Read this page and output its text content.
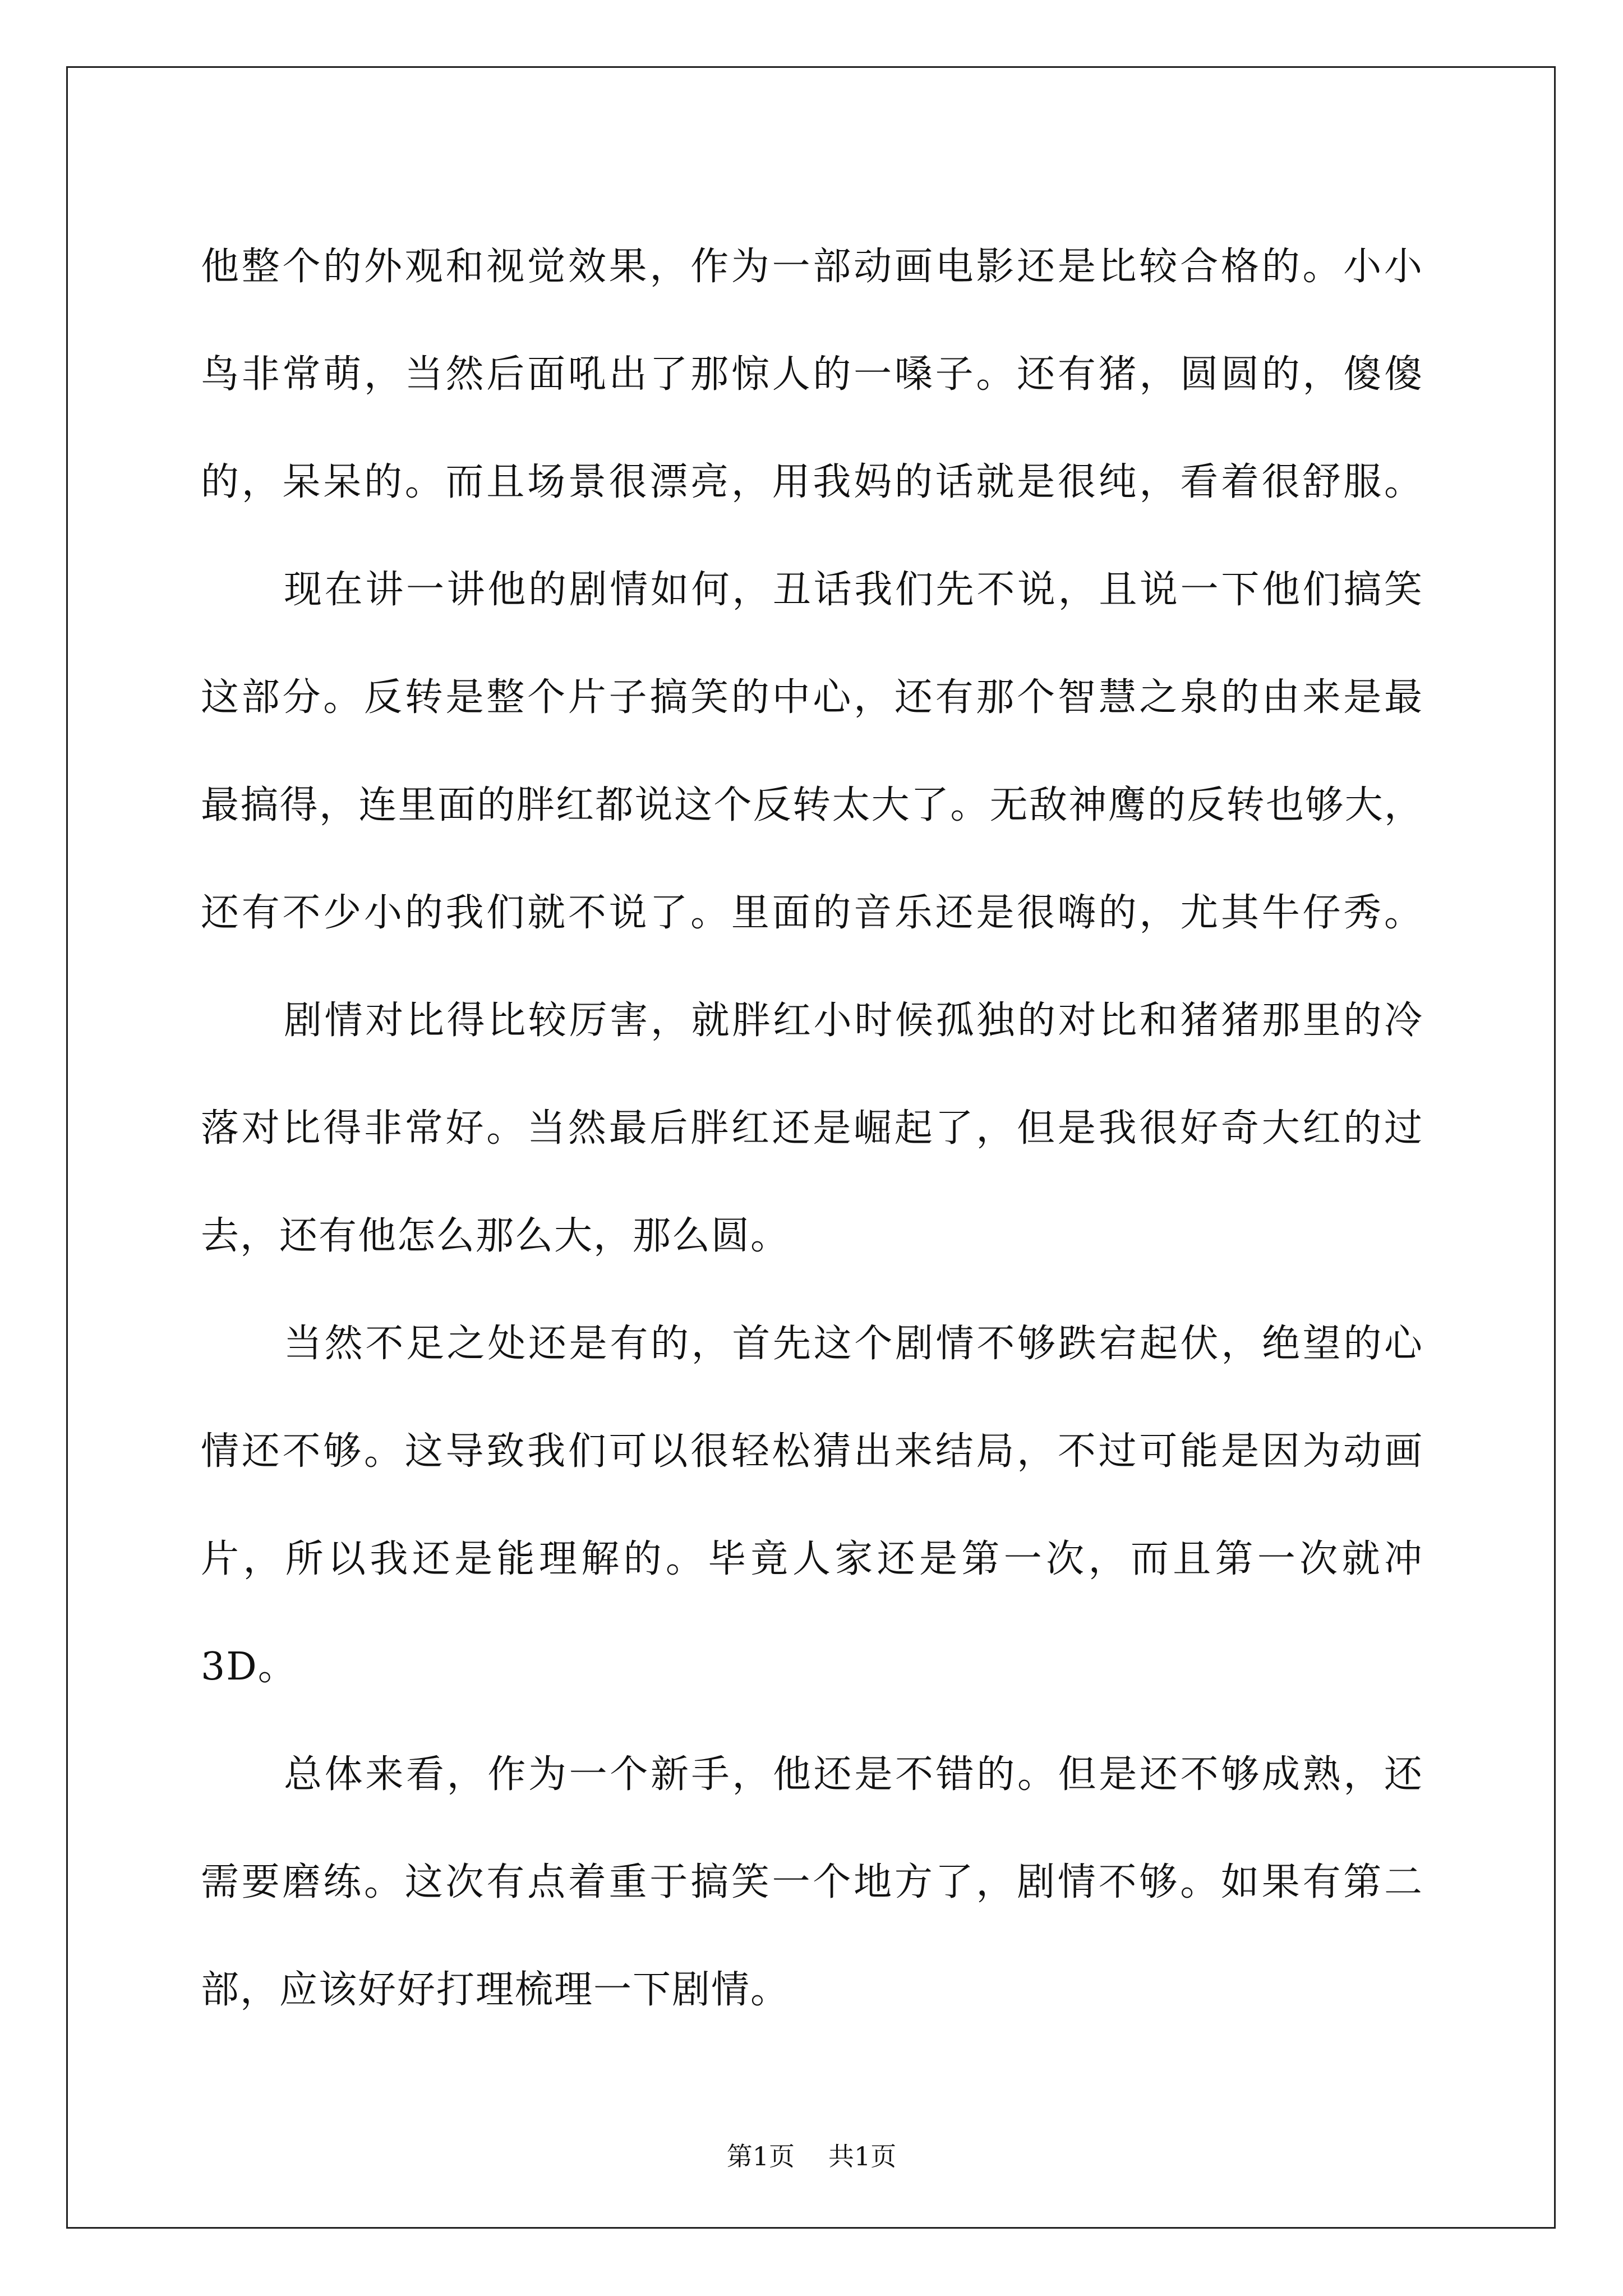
他整个的外观和视觉效果，作为一部动画电影还是比较合格的。小小
鸟非常萌，当然后面吼出了那惊人的一嗓子。还有猪，圆圆的，傻傻
的，呆呆的。而且场景很漂亮，用我妈的话就是很纯，看着很舒服。
现在讲一讲他的剧情如何，丑话我们先不说，且说一下他们搞笑
这部分。反转是整个片子搞笑的中心，还有那个智慧之泉的由来是最
最搞得，连里面的胖红都说这个反转太大了。无敌神鹰的反转也够大，
还有不少小的我们就不说了。里面的音乐还是很嗨的，尤其牛仔秀。
剧情对比得比较厉害，就胖红小时候孤独的对比和猪猪那里的冷
落对比得非常好。当然最后胖红还是崛起了，但是我很好奇大红的过
去，还有他怎么那么大，那么圆。
当然不足之处还是有的，首先这个剧情不够跌宕起伏，绝望的心
情还不够。这导致我们可以很轻松猜出来结局，不过可能是因为动画
片，所以我还是能理解的。毕竟人家还是第一次，而且第一次就冲
3D。
总体来看，作为一个新手，他还是不错的。但是还不够成熟，还
需要磨练。这次有点着重于搞笑一个地方了，剧情不够。如果有第二
部，应该好好打理梳理一下剧情。
第1页 共1页
